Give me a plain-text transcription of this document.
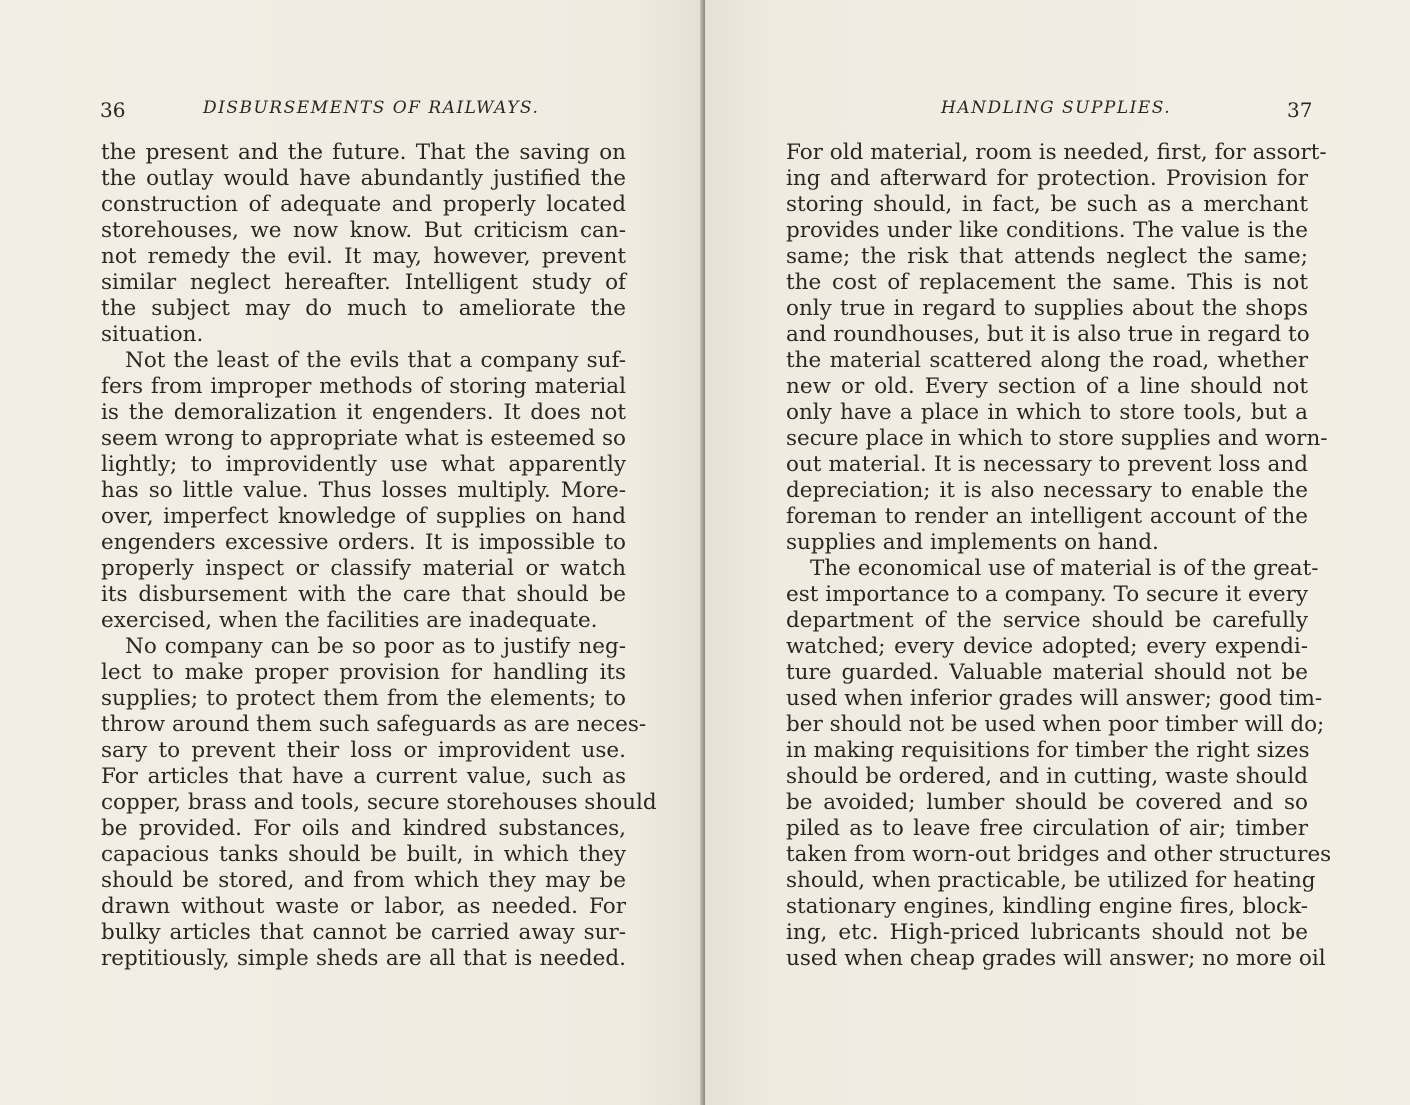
36	DISBURSEMENTS OF RAILWAYS.
the present and the future. That the saving on
the outlay would have abundantly justified the
construction of adequate and properly located
storehouses, we now know. But criticism can-
not remedy the evil. It may, however, prevent
similar neglect hereafter. Intelligent study of
the subject may do much to ameliorate the
situation.
Not the least of the evils that a company suf-
fers from improper methods of storing material
is the demoralization it engenders. It does not
seem wrong to appropriate what is esteemed so
lightly; to improvidently use what apparently
has so little value. Thus losses multiply. More-
over, imperfect knowledge of supplies on hand
engenders excessive orders. It is impossible to
properly inspect or classify material or watch
its disbursement with the care that should be
exercised, when the facilities are inadequate.
No company can be so poor as to justify neg-
lect to make proper provision for handling its
supplies; to protect them from the elements; to
throw around them such safeguards as are neces-
sary to prevent their loss or improvident use.
For articles that have a current value, such as
copper, brass and tools, secure storehouses should
be provided. For oils and kindred substances,
capacious tanks should be built, in which they
should be stored, and from which they may be
drawn without waste or labor, as needed. For
bulky articles that cannot be carried away sur-
reptitiously, simple sheds are all that is needed.
HANDLING SUPPLIES.	37
For old material, room is needed, first, for assort-
ing and afterward for protection. Provision for
storing should, in fact, be such as a merchant
provides under like conditions. The value is the
same; the risk that attends neglect the same;
the cost of replacement the same. This is not
only true in regard to supplies about the shops
and roundhouses, but it is also true in regard to
the material scattered along the road, whether
new or old. Every section of a line should not
only have a place in which to store tools, but a
secure place in which to store supplies and worn-
out material. It is necessary to prevent loss and
depreciation; it is also necessary to enable the
foreman to render an intelligent account of the
supplies and implements on hand.
The economical use of material is of the great-
est importance to a company. To secure it every
department of the service should be carefully
watched; every device adopted; every expendi-
ture guarded. Valuable material should not be
used when inferior grades will answer; good tim-
ber should not be used when poor timber will do;
in making requisitions for timber the right sizes
should be ordered, and in cutting, waste should
be avoided; lumber should be covered and so
piled as to leave free circulation of air; timber
taken from worn-out bridges and other structures
should, when practicable, be utilized for heating
stationary engines, kindling engine fires, block-
ing, etc. High-priced lubricants should not be
used when cheap grades will answer; no more oil
